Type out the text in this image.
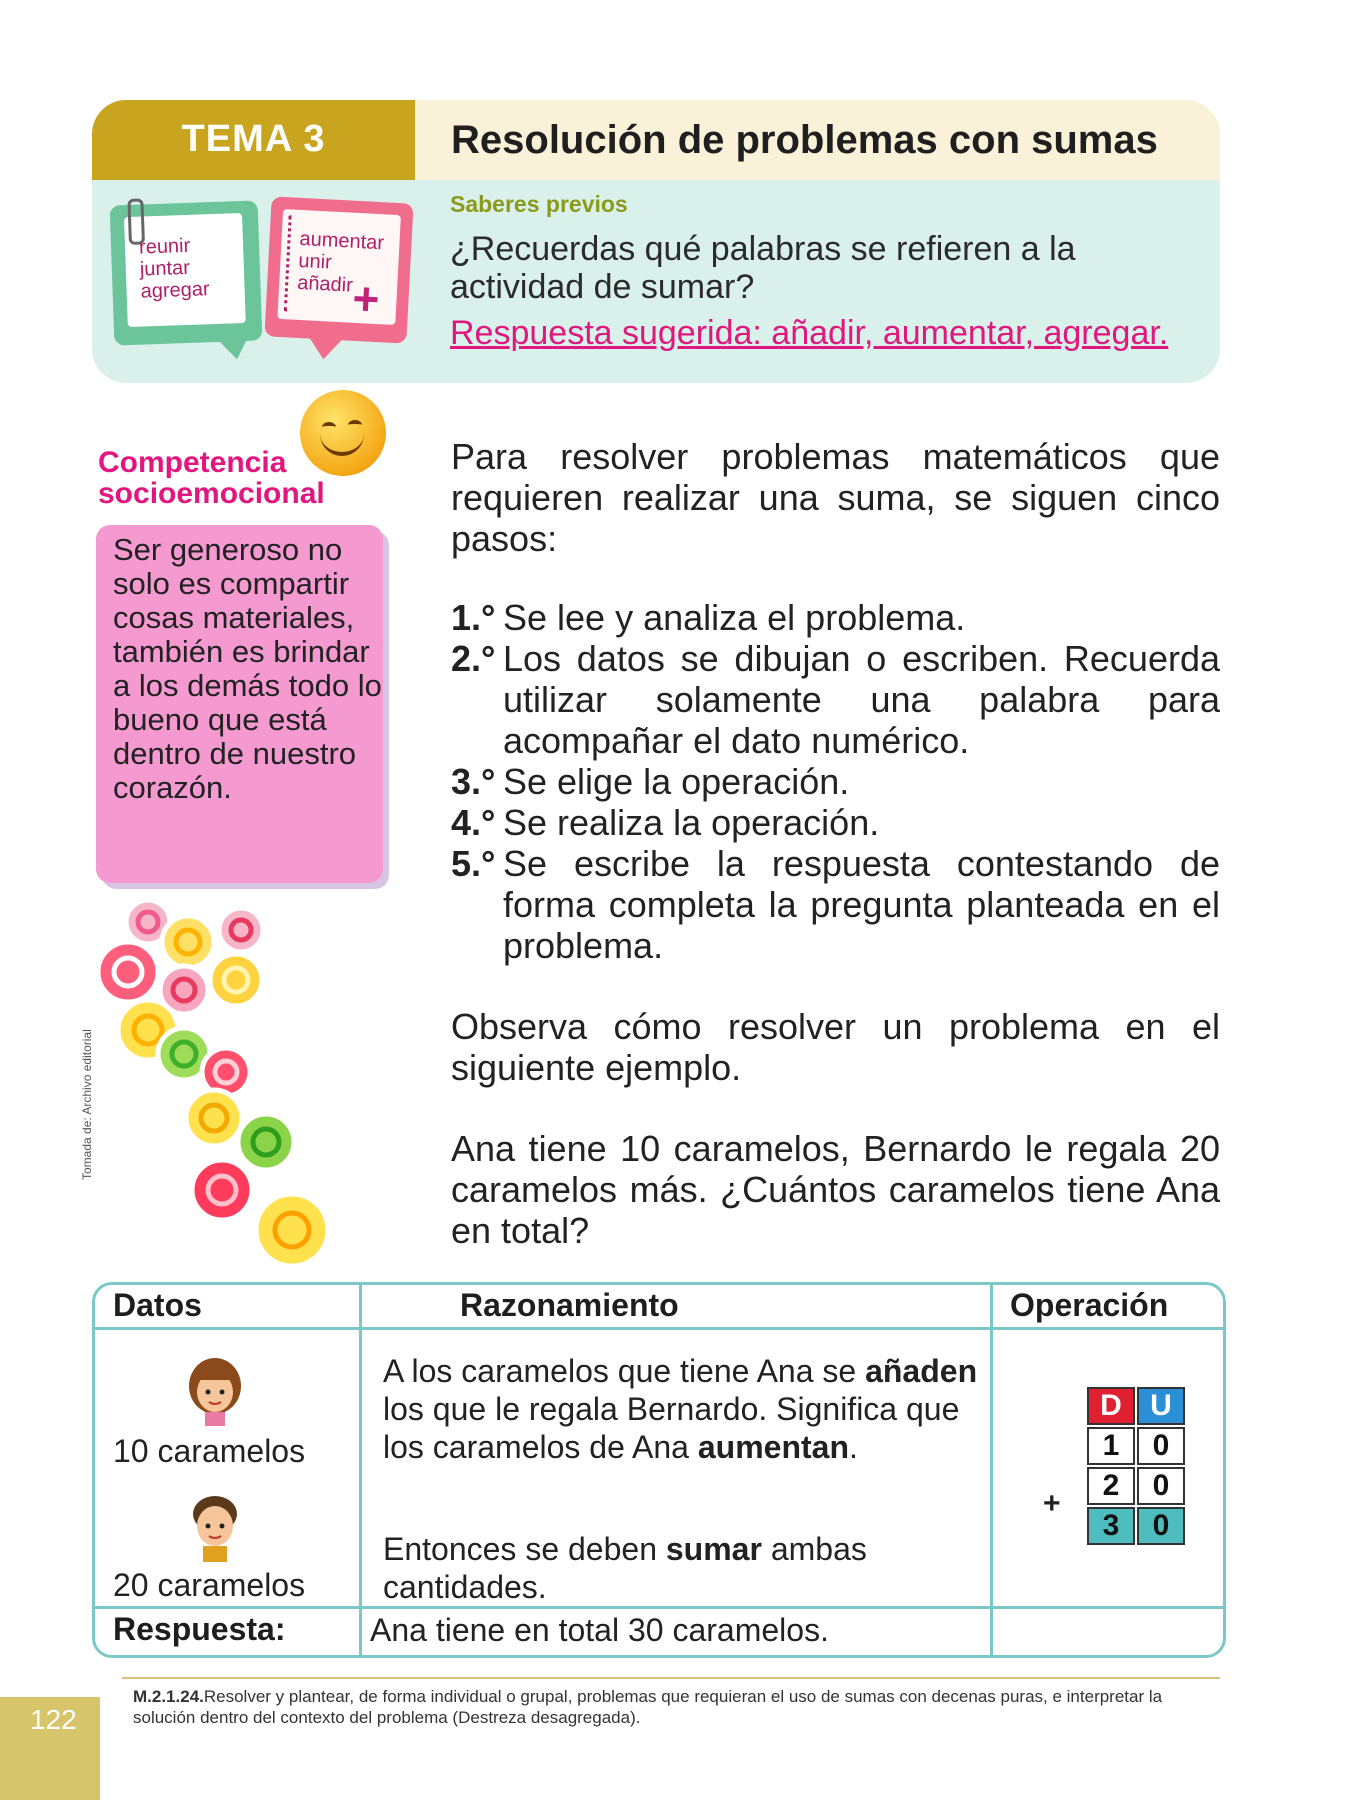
TEMA 3	Resolución de problemas con sumas
Saberes previos
¿Recuerdas qué palabras se refieren a la actividad de sumar?
Respuesta sugerida: añadir, aumentar, agregar.
reunir
juntar
agregar
aumentar
unir
añadir
+
Competencia
socioemocional
Ser generoso no solo es compartir cosas materiales, también es brindar a los demás todo lo bueno que está dentro de nuestro corazón.
Tomada de: Archivo editorial
Para resolver problemas matemáticos que requieren realizar una suma, se siguen cinco pasos:
1.° Se lee y analiza el problema.
2.° Los datos se dibujan o escriben. Recuerda utilizar solamente una palabra para acompañar el dato numérico.
3.° Se elige la operación.
4.° Se realiza la operación.
5.° Se escribe la respuesta contestando de forma completa la pregunta planteada en el problema.
Observa cómo resolver un problema en el siguiente ejemplo.
Ana tiene 10 caramelos, Bernardo le regala 20 caramelos más. ¿Cuántos caramelos tiene Ana en total?
Datos	Razonamiento	Operación
10 caramelos
20 caramelos
A los caramelos que tiene Ana se añaden los que le regala Bernardo. Significa que los caramelos de Ana aumentan.
Entonces se deben sumar ambas cantidades.
D U
1	0
2	0
3	0
+
Respuesta:	Ana tiene en total 30 caramelos.
122
M.2.1.24.Resolver y plantear, de forma individual o grupal, problemas que requieran el uso de sumas con decenas puras, e interpretar la solución dentro del contexto del problema (Destreza desagregada).
